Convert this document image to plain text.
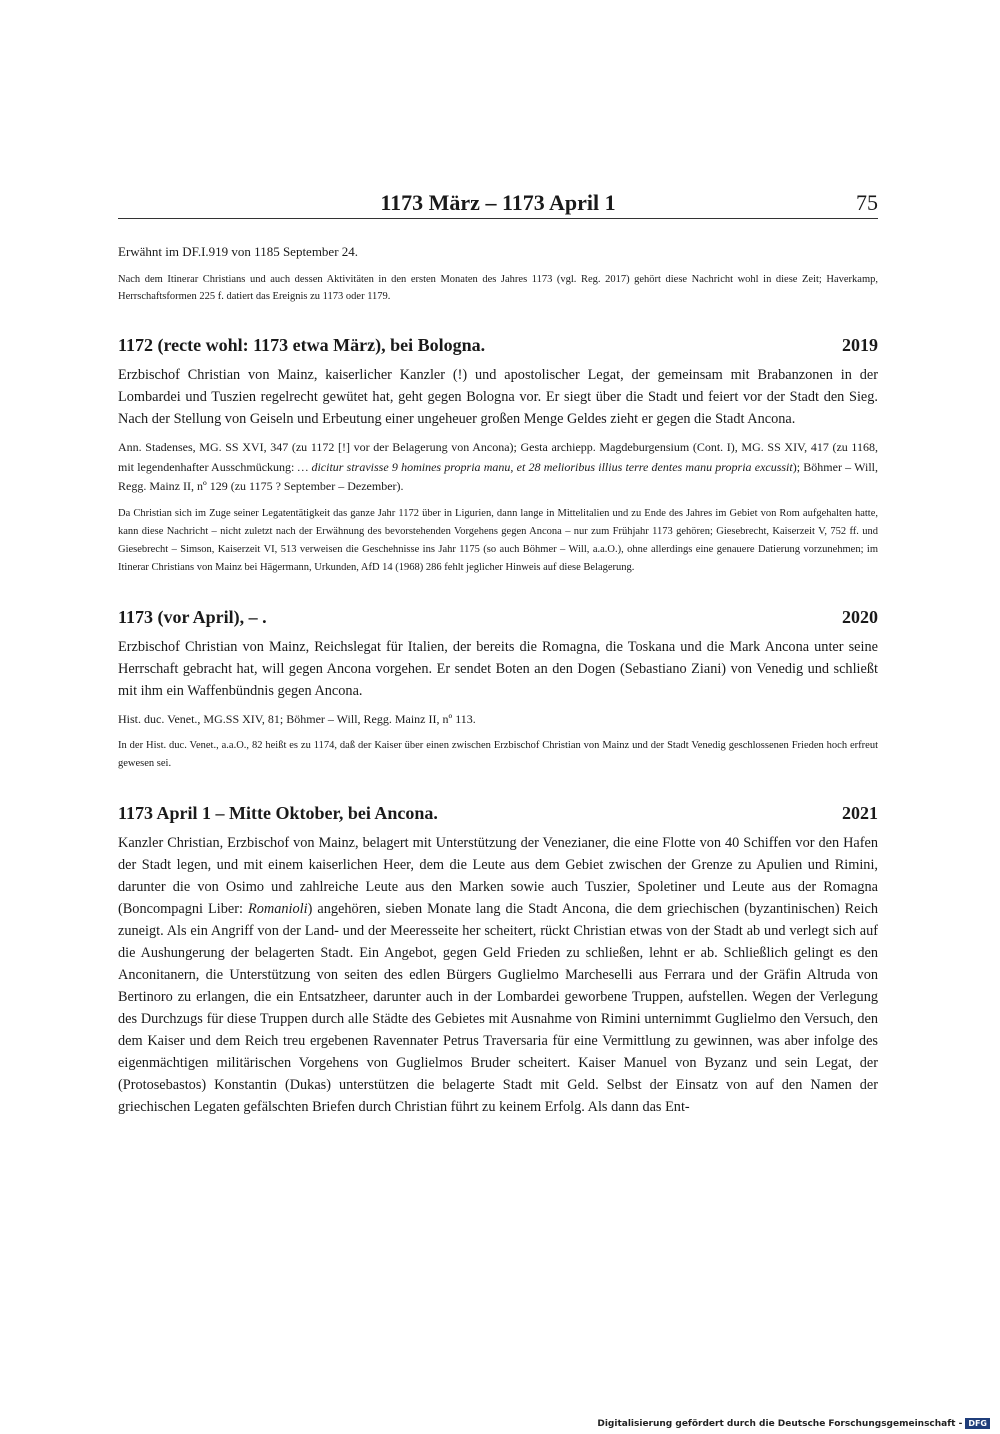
1173 März – 1173 April 1	75

Erwähnt im DF.I.919 von 1185 September 24.

Nach dem Itinerar Christians und auch dessen Aktivitäten in den ersten Monaten des Jahres 1173 (vgl. Reg. 2017) gehört diese Nachricht wohl in diese Zeit; Haverkamp, Herrschaftsformen 225 f. datiert das Ereignis zu 1173 oder 1179.

1172 (recte wohl: 1173 etwa März), bei Bologna.	2019

Erzbischof Christian von Mainz, kaiserlicher Kanzler (!) und apostolischer Legat, der gemeinsam mit Brabanzonen in der Lombardei und Tuszien regelrecht gewütet hat, geht gegen Bologna vor. Er siegt über die Stadt und feiert vor der Stadt den Sieg. Nach der Stellung von Geiseln und Erbeutung einer ungeheuer großen Menge Geldes zieht er gegen die Stadt Ancona.

Ann. Stadenses, MG. SS XVI, 347 (zu 1172 [!] vor der Belagerung von Ancona); Gesta archiepp. Magdeburgensium (Cont. I), MG. SS XIV, 417 (zu 1168, mit legendenhafter Ausschmückung: … dicitur stravisse 9 homines propria manu, et 28 melioribus illius terre dentes manu propria excussit); Böhmer – Will, Regg. Mainz II, nº 129 (zu 1175 ? September – Dezember).

Da Christian sich im Zuge seiner Legatentätigkeit das ganze Jahr 1172 über in Ligurien, dann lange in Mittelitalien und zu Ende des Jahres im Gebiet von Rom aufgehalten hatte, kann diese Nachricht – nicht zuletzt nach der Erwähnung des bevorstehenden Vorgehens gegen Ancona – nur zum Frühjahr 1173 gehören; Giesebrecht, Kaiserzeit V, 752 ff. und Giesebrecht – Simson, Kaiserzeit VI, 513 verweisen die Geschehnisse ins Jahr 1175 (so auch Böhmer – Will, a.a.O.), ohne allerdings eine genauere Datierung vorzunehmen; im Itinerar Christians von Mainz bei Hägermann, Urkunden, AfD 14 (1968) 286 fehlt jeglicher Hinweis auf diese Belagerung.

1173 (vor April), – .	2020

Erzbischof Christian von Mainz, Reichslegat für Italien, der bereits die Romagna, die Toskana und die Mark Ancona unter seine Herrschaft gebracht hat, will gegen Ancona vorgehen. Er sendet Boten an den Dogen (Sebastiano Ziani) von Venedig und schließt mit ihm ein Waffenbündnis gegen Ancona.

Hist. duc. Venet., MG.SS XIV, 81; Böhmer – Will, Regg. Mainz II, nº 113.

In der Hist. duc. Venet., a.a.O., 82 heißt es zu 1174, daß der Kaiser über einen zwischen Erzbischof Christian von Mainz und der Stadt Venedig geschlossenen Frieden hoch erfreut gewesen sei.

1173 April 1 – Mitte Oktober, bei Ancona.	2021

Kanzler Christian, Erzbischof von Mainz, belagert mit Unterstützung der Venezianer, die eine Flotte von 40 Schiffen vor den Hafen der Stadt legen, und mit einem kaiserlichen Heer, dem die Leute aus dem Gebiet zwischen der Grenze zu Apulien und Rimini, darunter die von Osimo und zahlreiche Leute aus den Marken sowie auch Tuszier, Spoletiner und Leute aus der Romagna (Boncompagni Liber: Romanioli) angehören, sieben Monate lang die Stadt Ancona, die dem griechischen (byzantinischen) Reich zuneigt. Als ein Angriff von der Land- und der Meeresseite her scheitert, rückt Christian etwas von der Stadt ab und verlegt sich auf die Aushungerung der belagerten Stadt. Ein Angebot, gegen Geld Frieden zu schließen, lehnt er ab. Schließlich gelingt es den Anconitanern, die Unterstützung von seiten des edlen Bürgers Guglielmo Marcheselli aus Ferrara und der Gräfin Altruda von Bertinoro zu erlangen, die ein Entsatzheer, darunter auch in der Lombardei geworbene Truppen, aufstellen. Wegen der Verlegung des Durchzugs für diese Truppen durch alle Städte des Gebietes mit Ausnahme von Rimini unternimmt Guglielmo den Versuch, den dem Kaiser und dem Reich treu ergebenen Ravennater Petrus Traversaria für eine Vermittlung zu gewinnen, was aber infolge des eigenmächtigen militärischen Vorgehens von Guglielmos Bruder scheitert. Kaiser Manuel von Byzanz und sein Legat, der (Protosebastos) Konstantin (Dukas) unterstützen die belagerte Stadt mit Geld. Selbst der Einsatz von auf den Namen der griechischen Legaten gefälschten Briefen durch Christian führt zu keinem Erfolg. Als dann das Ent-

Digitalisierung gefördert durch die Deutsche Forschungsgemeinschaft - DFG
